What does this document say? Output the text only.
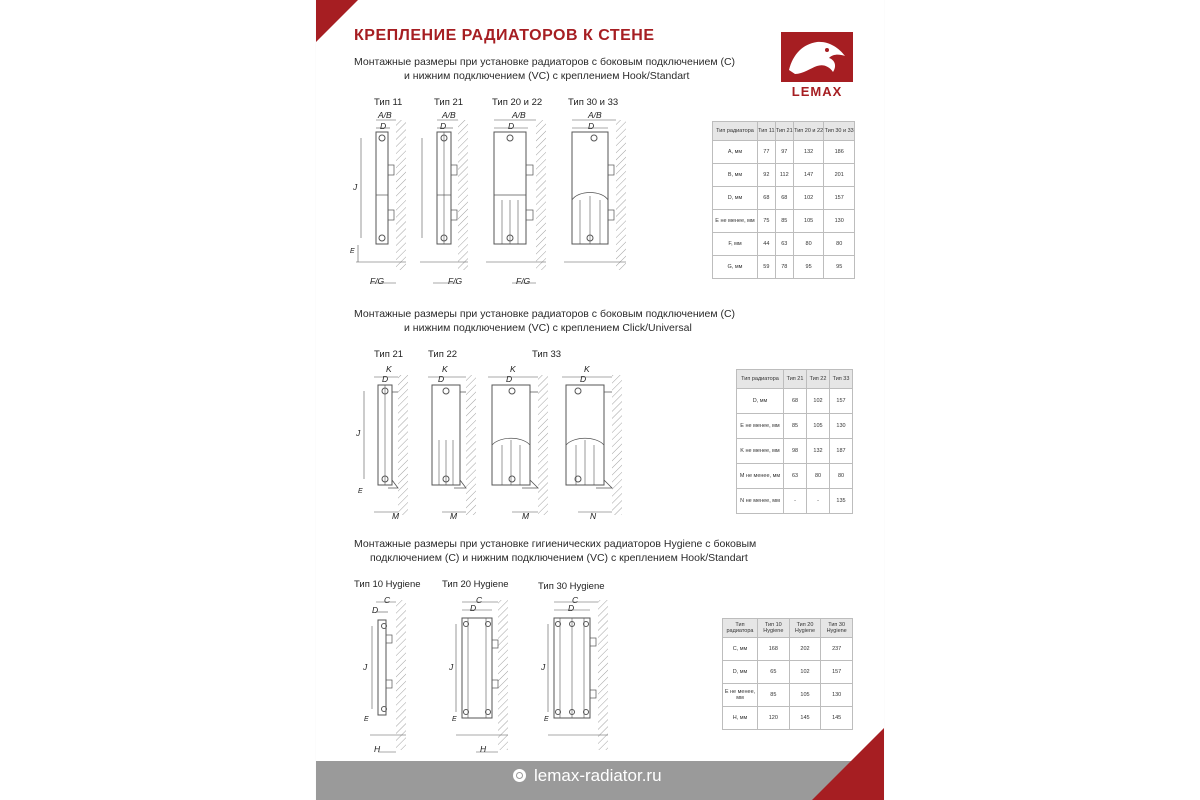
КРЕПЛЕНИЕ РАДИАТОРОВ К СТЕНЕ
LEMAX
Монтажные размеры при установке радиаторов с боковым подключением (С)
и нижним подключением (VC) с креплением Hook/Standart
Тип 11	Тип 21	Тип 20 и 22	Тип 30 и 33
A/B
D
J
E
F/G
A/B
D
F/G
A/B
D
F/G
A/B
D	Тип радиатора	Тип 11	Тип 21	Тип 20 и 22	Тип 30 и 33
A, мм	77	97	132	186
B, мм	92	112	147	201
D, мм	68	68	102	157
E не менее, мм	75	85	105	130
F, мм	44	63	80	80
G, мм	59	78	95	95
Монтажные размеры при установке радиаторов с боковым подключением (С)
и нижним подключением (VC) с креплением Click/Universal
Тип 21	Тип 22	Тип 33
K
D
J
E
M
K
D
M
K
D
M
K
D
N
Тип радиатора	Тип 21	Тип 22	Тип 33
D, мм	68	102	157
E не менее, мм	85	105	130
K не менее, мм	98	132	187
M не менее, мм	63	80	80
N не менее, мм	-	-	135
Монтажные размеры при установке гигиенических радиаторов Hygiene с боковым
подключением (С) и нижним подключением (VC) с креплением Hook/Standart
Тип 10 Hygiene Тип 20 Hygiene	Тип 30 Hygiene
C
D
J
E
H
C
D
J
E
H
C
D
J
E
Тип радиатора	Тип 10 Hygiene	Тип 20 Hygiene	Тип 30 Hygiene
C, мм	168	202	237
D, мм	65	102	157
E не менее, мм	85	105	130
H, мм	120	145	145
lemax-radiator.ru
